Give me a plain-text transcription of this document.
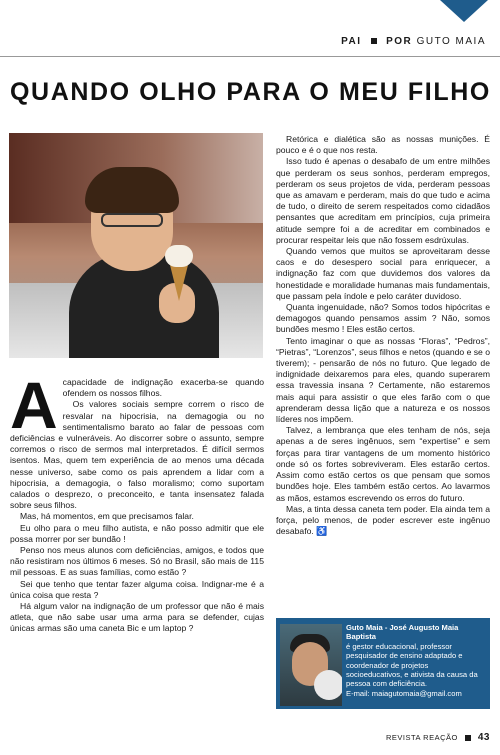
PAI POR GUTO MAIA
QUANDO OLHO PARA O MEU FILHO

Acapacidade de indignação exacerba-se quando ofendem os nossos filhos.

Os valores sociais sempre correm o risco de resvalar na hipocrisia, na demagogia ou no sentimentalismo barato ao falar de pessoas com deficiências e vulneráveis. Ao discorrer sobre o assunto, sempre corremos o risco de sermos mal interpretados. É difícil sermos isentos. Mas, quem tem experiência de ao menos uma década nesse universo, sabe como os pais aprendem a lidar com a hipocrisia, a demagogia, o falso moralismo; como suportam calados o desprezo, o preconceito, e tanta insensatez falada sobre seus filhos.

Mas, há momentos, em que precisamos falar.

Eu olho para o meu filho autista, e não posso admitir que ele possa morrer por ser bundão !

Penso nos meus alunos com deficiências, amigos, e todos que não resistiram nos últimos 6 meses. Só no Brasil, são mais de 115 mil pessoas. E as suas famílias, como estão ?

Sei que tenho que tentar fazer alguma coisa. Indignar-me é a única coisa que resta ?

Há algum valor na indignação de um professor que não é mais atleta, que não sabe usar uma arma para se defender, cujas únicas armas são uma caneta Bic e um laptop ?

Retórica e dialética são as nossas munições. É pouco e é o que nos resta.

Isso tudo é apenas o desabafo de um entre milhões que perderam os seus sonhos, perderam empregos, perderam os seus projetos de vida, perderam pessoas que as amavam e perderam, mais do que tudo e acima de tudo, o direito de serem respeitados como cidadãos pensantes que acreditam em princípios, cuja primeira atitude sempre foi a de acreditar em combinados e procurar respeitar leis que não fossem esdrúxulas.

Quando vemos que muitos se aproveitaram desse caos e do desespero social para enriquecer, a indignação faz com que duvidemos dos valores da honestidade e moralidade humanas mais fundamentais, que passam pela índole e pelo caráter duvidoso.

Quanta ingenuidade, não? Somos todos hipócritas e demagogos quando pensamos assim ? Não, somos bundões mesmo ! Eles estão certos.

Tento imaginar o que as nossas “Floras”, “Pedros”, “Pietras”, “Lorenzos”, seus filhos e netos (quando e se o tiverem); - pensarão de nós no futuro. Que legado de indignidade deixaremos para eles, quando superarem essa travessia insana ? Certamente, não estaremos mais aqui para assistir o que eles farão com o que aprenderam dessa lição que a natureza e os nossos líderes nos impõem.

Talvez, a lembrança que eles tenham de nós, seja apenas a de seres ingênuos, sem “expertise” e sem forças para tirar vantagens de um momento histórico onde só os fortes sobreviveram. Eles estarão certos. Assim como estão certos os que pensam que somos bundões hoje. Eles também estão certos. Ao lavarmos as mãos, estamos escrevendo os erros do futuro.

Mas, a tinta dessa caneta tem poder. Ela ainda tem a força, pelo menos, de poder escrever este ingênuo desabafo. ♿

Guto Maia - José Augusto Maia
Baptista
é gestor educacional, professor pesquisador de ensino adaptado e coordenador de projetos socioeducativos, e ativista da causa da pessoa com deficiência.
E-mail: maiagutomaia@gmail.com
REVISTA REAÇÃO 43
